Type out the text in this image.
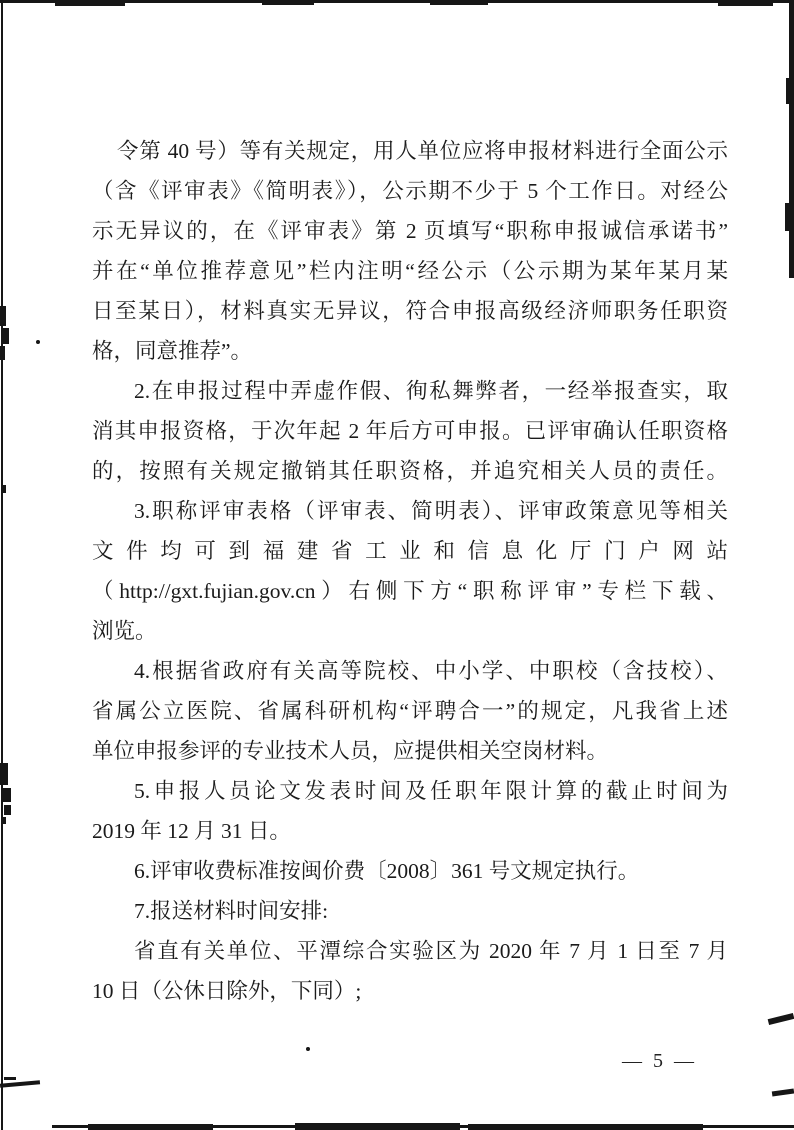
令第 40 号）等有关规定，用人单位应将申报材料进行全面公示
（含《评审表》《简明表》），公示期不少于 5 个工作日。对经公
示无异议的，在《评审表》第 2 页填写“职称申报诚信承诺书”
并在“单位推荐意见”栏内注明“经公示（公示期为某年某月某
日至某日），材料真实无异议，符合申报高级经济师职务任职资
格，同意推荐”。
2.在申报过程中弄虚作假、徇私舞弊者，一经举报查实，取
消其申报资格，于次年起 2 年后方可申报。已评审确认任职资格
的，按照有关规定撤销其任职资格，并追究相关人员的责任。
3.职称评审表格（评审表、简明表）、评审政策意见等相关
文件均可到福建省工业和信息化厅门户网站
（http://gxt.fujian.gov.cn）右侧下方“职称评审”专栏下载、
浏览。
4.根据省政府有关高等院校、中小学、中职校（含技校）、
省属公立医院、省属科研机构“评聘合一”的规定，凡我省上述
单位申报参评的专业技术人员，应提供相关空岗材料。
5.申报人员论文发表时间及任职年限计算的截止时间为
2019 年 12 月 31 日。
6.评审收费标准按闽价费〔2008〕361 号文规定执行。
7.报送材料时间安排:
省直有关单位、平潭综合实验区为 2020 年 7 月 1 日至 7 月
10 日（公休日除外，下同）;
— 5 —
